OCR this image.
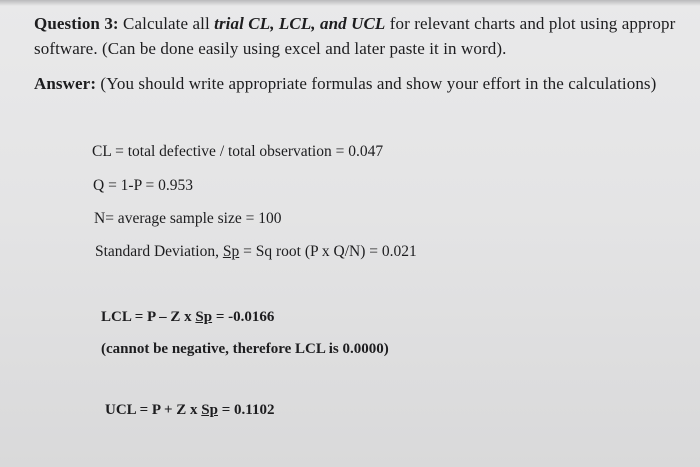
Question 3: Calculate all trial CL, LCL, and UCL for relevant charts and plot using appropr
software. (Can be done easily using excel and later paste it in word).
Answer: (You should write appropriate formulas and show your effort in the calculations)
CL = total defective / total observation = 0.047
Q = 1-P = 0.953
N= average sample size = 100
Standard Deviation, Sp = Sq root (P x Q/N) = 0.021
LCL = P – Z x Sp = -0.0166
(cannot be negative, therefore LCL is 0.0000)
UCL = P + Z x Sp = 0.1102
